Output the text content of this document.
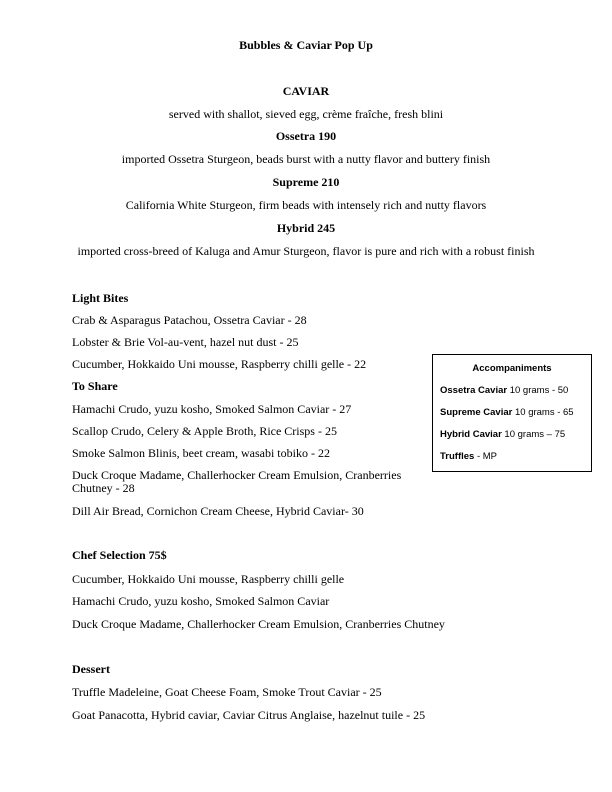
Bubbles & Caviar Pop Up
CAVIAR
served with shallot, sieved egg, crème fraîche, fresh blini
Ossetra 190
imported Ossetra Sturgeon, beads burst with a nutty flavor and buttery finish
Supreme 210
California White Sturgeon, firm beads with intensely rich and nutty flavors
Hybrid 245
imported cross-breed of Kaluga and Amur Sturgeon, flavor is pure and rich with a robust finish
Light Bites
Crab & Asparagus Patachou, Ossetra Caviar - 28
Lobster & Brie Vol-au-vent, hazel nut dust - 25
Cucumber, Hokkaido Uni mousse, Raspberry chilli gelle - 22
To Share
Hamachi Crudo, yuzu kosho, Smoked Salmon Caviar - 27
Scallop Crudo, Celery & Apple Broth, Rice Crisps - 25
Smoke Salmon Blinis, beet cream, wasabi tobiko - 22
Duck Croque Madame, Challerhocker Cream Emulsion, Cranberries Chutney - 28
Dill Air Bread, Cornichon Cream Cheese, Hybrid Caviar- 30
Accompaniments
Ossetra Caviar 10 grams - 50
Supreme Caviar 10 grams - 65
Hybrid Caviar 10 grams – 75
Truffles - MP
Chef Selection 75$
Cucumber, Hokkaido Uni mousse, Raspberry chilli gelle
Hamachi Crudo, yuzu kosho, Smoked Salmon Caviar
Duck Croque Madame, Challerhocker Cream Emulsion, Cranberries Chutney
Dessert
Truffle Madeleine, Goat Cheese Foam, Smoke Trout Caviar - 25
Goat Panacotta, Hybrid caviar, Caviar Citrus Anglaise, hazelnut tuile - 25
